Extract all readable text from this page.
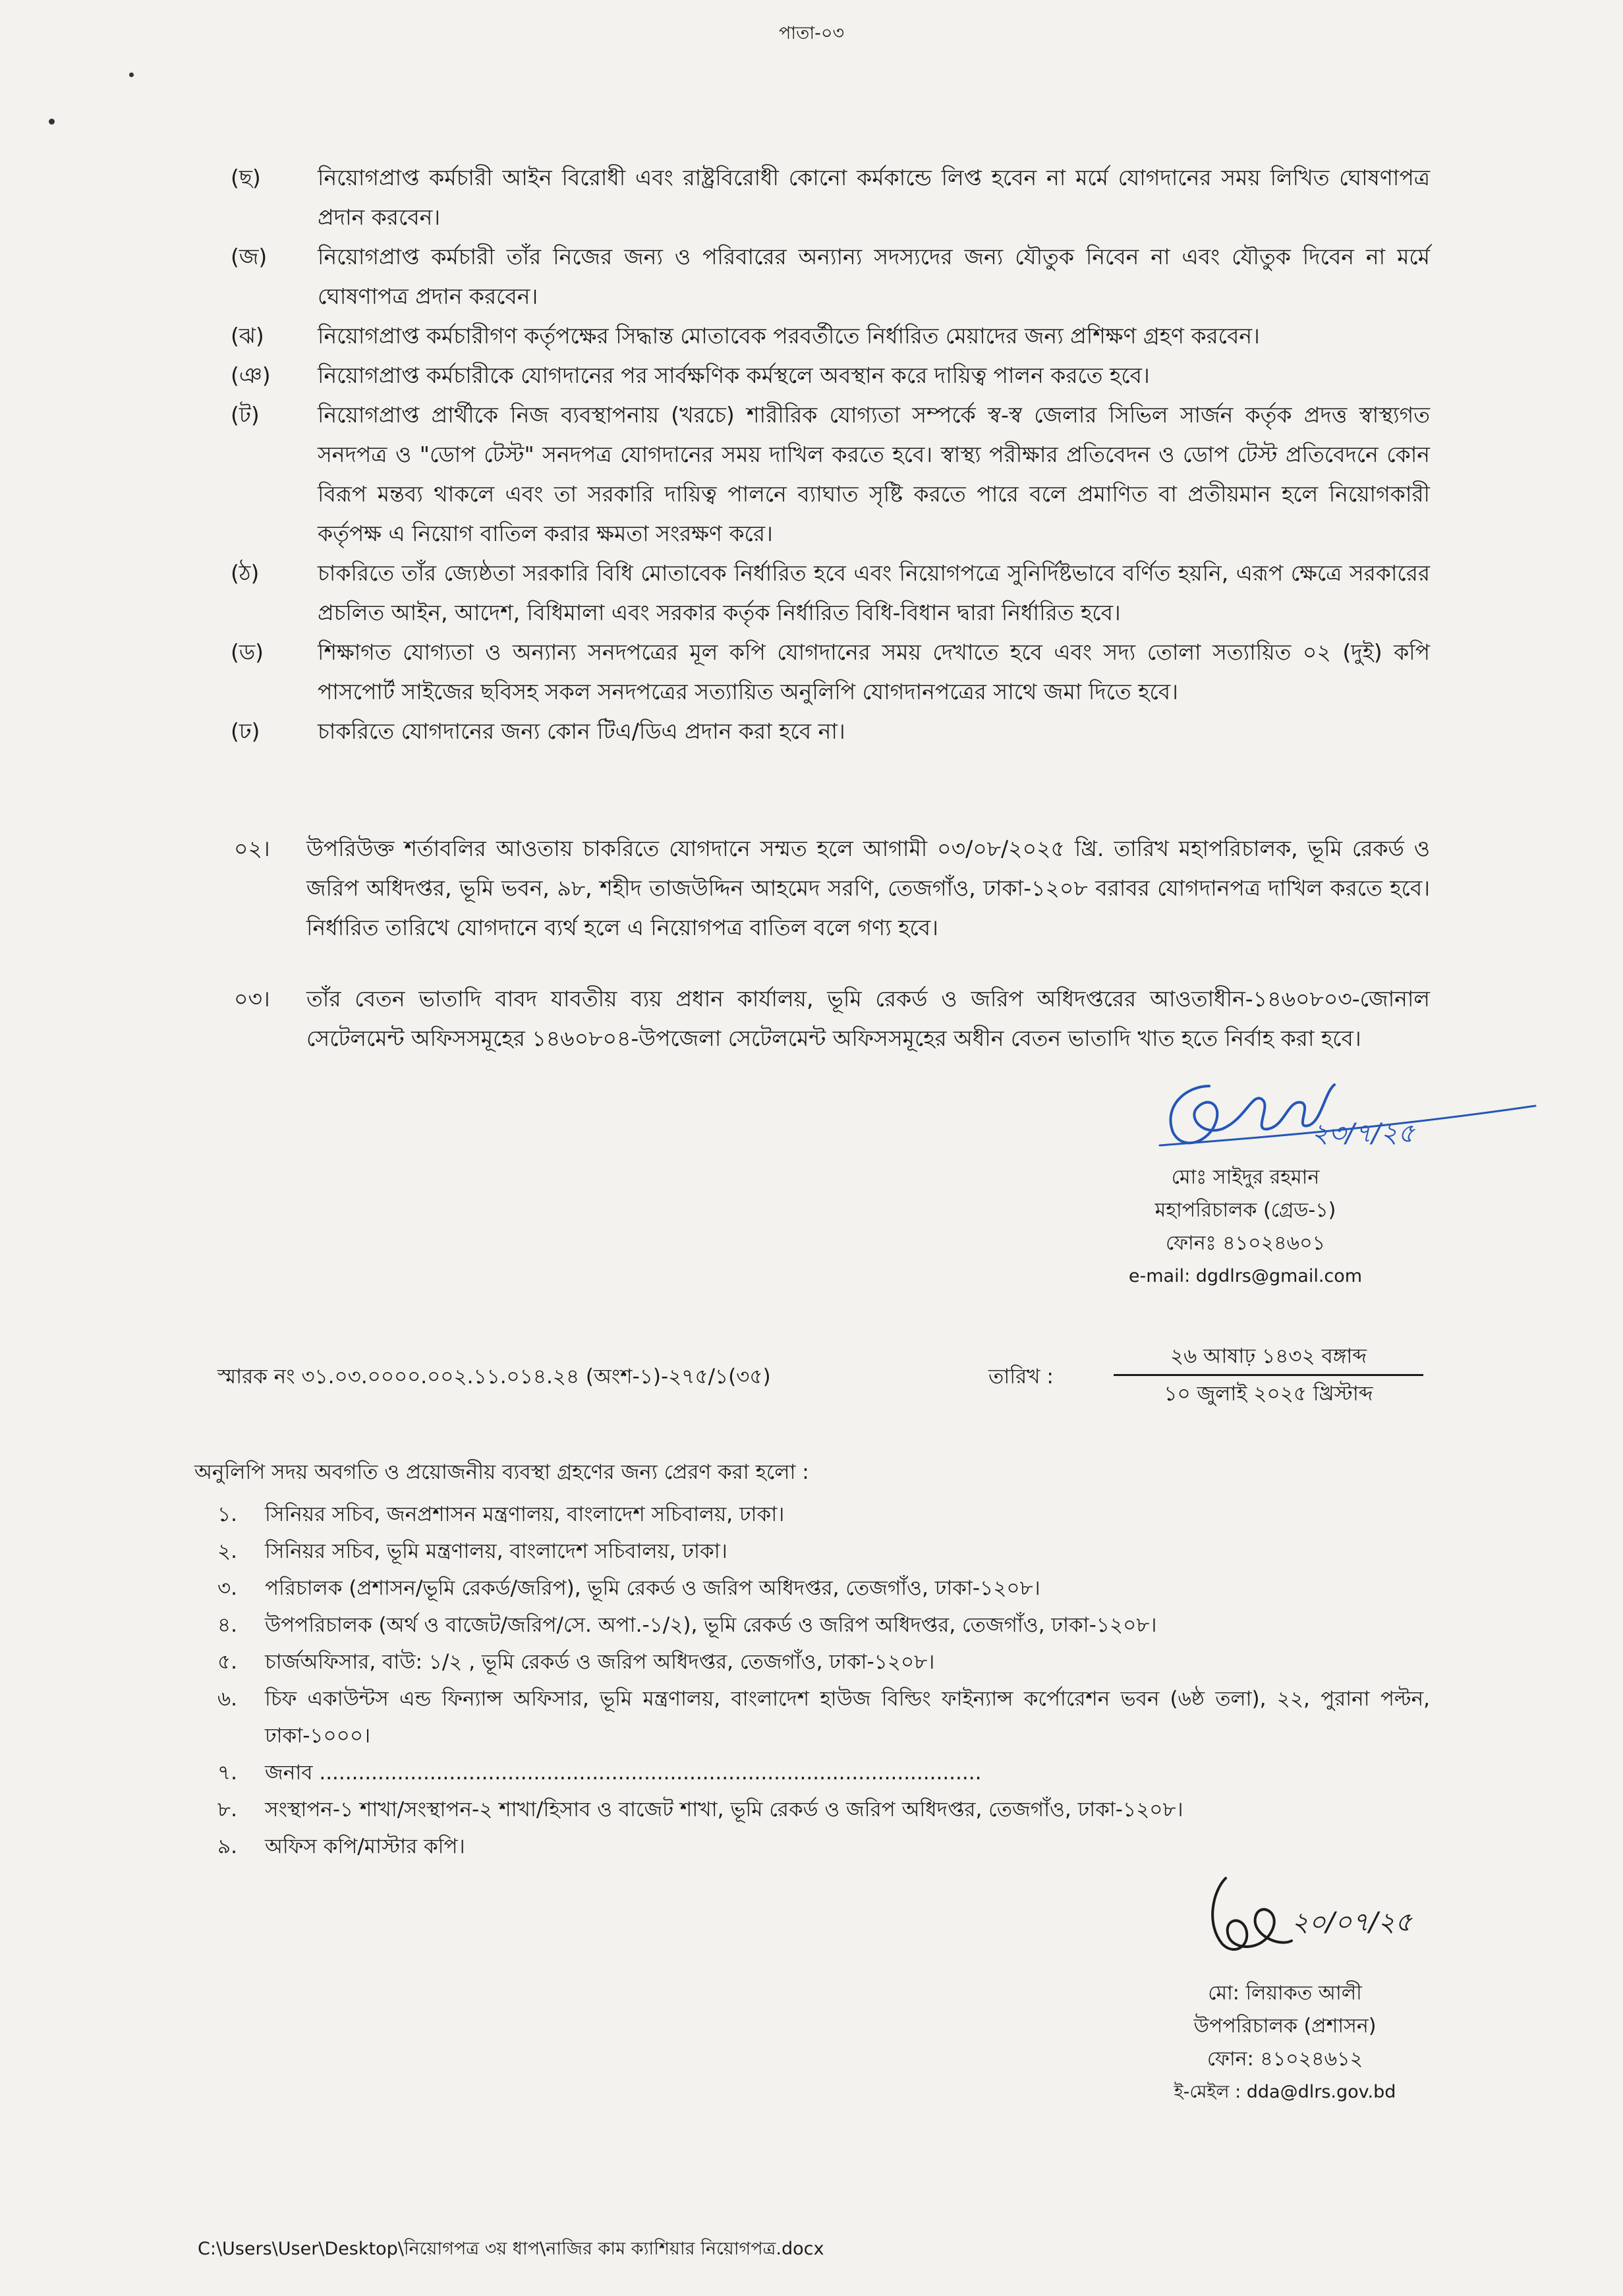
পাতা-০৩
(ছ)	নিয়োগপ্রাপ্ত কর্মচারী আইন বিরোধী এবং রাষ্ট্রবিরোধী কোনো কর্মকান্ডে লিপ্ত হবেন না মর্মে যোগদানের সময় লিখিত ঘোষণাপত্র প্রদান করবেন।
(জ)	নিয়োগপ্রাপ্ত কর্মচারী তাঁর নিজের জন্য ও পরিবারের অন্যান্য সদস্যদের জন্য যৌতুক নিবেন না এবং যৌতুক দিবেন না মর্মে ঘোষণাপত্র প্রদান করবেন।
(ঝ)	নিয়োগপ্রাপ্ত কর্মচারীগণ কর্তৃপক্ষের সিদ্ধান্ত মোতাবেক পরবর্তীতে নির্ধারিত মেয়াদের জন্য প্রশিক্ষণ গ্রহণ করবেন।
(ঞ)	নিয়োগপ্রাপ্ত কর্মচারীকে যোগদানের পর সার্বক্ষণিক কর্মস্থলে অবস্থান করে দায়িত্ব পালন করতে হবে।
(ট)	নিয়োগপ্রাপ্ত প্রার্থীকে নিজ ব্যবস্থাপনায় (খরচে) শারীরিক যোগ্যতা সম্পর্কে স্ব-স্ব জেলার সিভিল সার্জন কর্তৃক প্রদত্ত স্বাস্থ্যগত সনদপত্র ও "ডোপ টেস্ট" সনদপত্র যোগদানের সময় দাখিল করতে হবে। স্বাস্থ্য পরীক্ষার প্রতিবেদন ও ডোপ টেস্ট প্রতিবেদনে কোন বিরূপ মন্তব্য থাকলে এবং তা সরকারি দায়িত্ব পালনে ব্যাঘাত সৃষ্টি করতে পারে বলে প্রমাণিত বা প্রতীয়মান হলে নিয়োগকারী কর্তৃপক্ষ এ নিয়োগ বাতিল করার ক্ষমতা সংরক্ষণ করে।
(ঠ)	চাকরিতে তাঁর জ্যেষ্ঠতা সরকারি বিধি মোতাবেক নির্ধারিত হবে এবং নিয়োগপত্রে সুনির্দিষ্টভাবে বর্ণিত হয়নি, এরূপ ক্ষেত্রে সরকারের প্রচলিত আইন, আদেশ, বিধিমালা এবং সরকার কর্তৃক নির্ধারিত বিধি-বিধান দ্বারা নির্ধারিত হবে।
(ড)	শিক্ষাগত যোগ্যতা ও অন্যান্য সনদপত্রের মূল কপি যোগদানের সময় দেখাতে হবে এবং সদ্য তোলা সত্যায়িত ০২ (দুই) কপি পাসপোর্ট সাইজের ছবিসহ সকল সনদপত্রের সত্যায়িত অনুলিপি যোগদানপত্রের সাথে জমা দিতে হবে।
(ঢ)	চাকরিতে যোগদানের জন্য কোন টিএ/ডিএ প্রদান করা হবে না।
০২।	উপরিউক্ত শর্তাবলির আওতায় চাকরিতে যোগদানে সম্মত হলে আগামী ০৩/০৮/২০২৫ খ্রি. তারিখ মহাপরিচালক, ভূমি রেকর্ড ও জরিপ অধিদপ্তর, ভূমি ভবন, ৯৮, শহীদ তাজউদ্দিন আহমেদ সরণি, তেজগাঁও, ঢাকা-১২০৮ বরাবর যোগদানপত্র দাখিল করতে হবে। নির্ধারিত তারিখে যোগদানে ব্যর্থ হলে এ নিয়োগপত্র বাতিল বলে গণ্য হবে।
০৩।	তাঁর বেতন ভাতাদি বাবদ যাবতীয় ব্যয় প্রধান কার্যালয়, ভূমি রেকর্ড ও জরিপ অধিদপ্তরের আওতাধীন-১৪৬০৮০৩-জোনাল সেটেলমেন্ট অফিসসমূহের ১৪৬০৮০৪-উপজেলা সেটেলমেন্ট অফিসসমূহের অধীন বেতন ভাতাদি খাত হতে নির্বাহ করা হবে।
২৩/৭/২৫
মোঃ সাইদুর রহমান
মহাপরিচালক (গ্রেড-১)
ফোনঃ ৪১০২৪৬০১
e-mail: dgdlrs@gmail.com
স্মারক নং ৩১.০৩.০০০০.০০২.১১.০১৪.২৪ (অংশ-১)-২৭৫/১(৩৫)	তারিখ :
২৬ আষাঢ় ১৪৩২ বঙ্গাব্দ
১০ জুলাই ২০২৫ খ্রিস্টাব্দ
অনুলিপি সদয় অবগতি ও প্রয়োজনীয় ব্যবস্থা গ্রহণের জন্য প্রেরণ করা হলো :
১.	সিনিয়র সচিব, জনপ্রশাসন মন্ত্রণালয়, বাংলাদেশ সচিবালয়, ঢাকা।
২.	সিনিয়র সচিব, ভূমি মন্ত্রণালয়, বাংলাদেশ সচিবালয়, ঢাকা।
৩.	পরিচালক (প্রশাসন/ভূমি রেকর্ড/জরিপ), ভূমি রেকর্ড ও জরিপ অধিদপ্তর, তেজগাঁও, ঢাকা-১২০৮।
৪.	উপপরিচালক (অর্থ ও বাজেট/জরিপ/সে. অপা.-১/২), ভূমি রেকর্ড ও জরিপ অধিদপ্তর, তেজগাঁও, ঢাকা-১২০৮।
৫.	চার্জঅফিসার, বাউ: ১/২ , ভূমি রেকর্ড ও জরিপ অধিদপ্তর, তেজগাঁও, ঢাকা-১২০৮।
৬.	চিফ একাউন্টস এন্ড ফিন্যান্স অফিসার, ভূমি মন্ত্রণালয়, বাংলাদেশ হাউজ বিল্ডিং ফাইন্যান্স কর্পোরেশন ভবন (৬ষ্ঠ তলা), ২২, পুরানা পল্টন, ঢাকা-১০০০।
৭.	জনাব ......................................................................................................
৮.	সংস্থাপন-১ শাখা/সংস্থাপন-২ শাখা/হিসাব ও বাজেট শাখা, ভূমি রেকর্ড ও জরিপ অধিদপ্তর, তেজগাঁও, ঢাকা-১২০৮।
৯.	অফিস কপি/মাস্টার কপি।
২০/০৭/২৫
মো: লিয়াকত আলী
উপপরিচালক (প্রশাসন)
ফোন: ৪১০২৪৬১২
ই-মেইল : dda@dlrs.gov.bd
C:\Users\User\Desktop\নিয়োগপত্র ৩য় ধাপ\নাজির কাম ক্যাশিয়ার নিয়োগপত্র.docx
